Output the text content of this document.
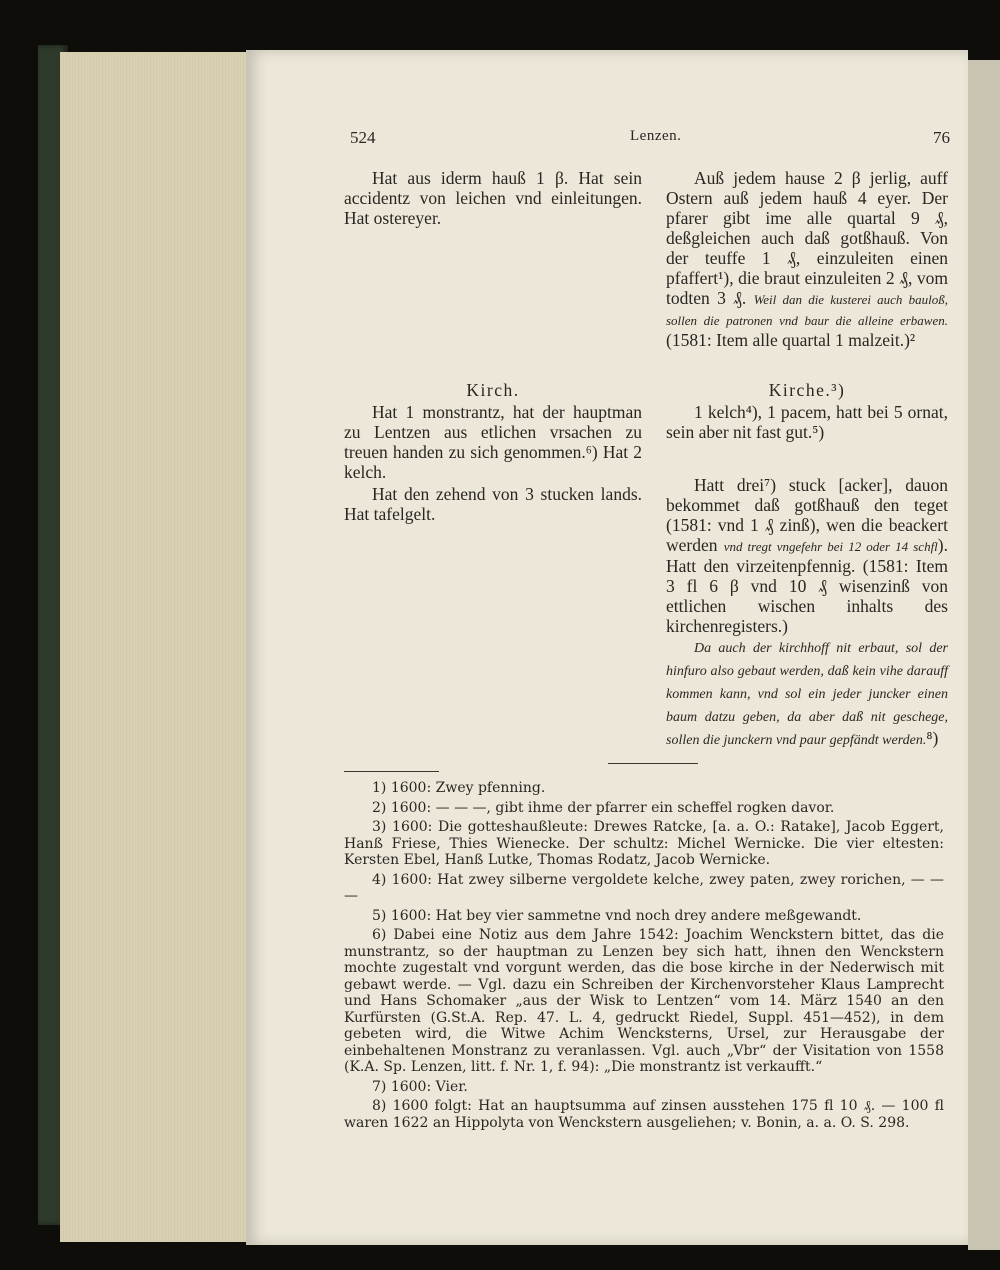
524	Lenzen.	76

Hat aus iderm hauß 1 β. Hat sein accidentz von leichen vnd einleitungen. Hat ostereyer.

Kirch.

Hat 1 monstrantz, hat der hauptman zu Lentzen aus etlichen vrsachen zu treuen handen zu sich genommen.⁶) Hat 2 kelch.

Hat den zehend von 3 stucken lands. Hat tafelgelt.

Auß jedem hause 2 β jerlig, auff Ostern auß jedem hauß 4 eyer. Der pfarer gibt ime alle quartal 9 ₰, deßgleichen auch daß gotßhauß. Von der teuffe 1 ₰, einzuleiten einen pfaffert¹), die braut einzuleiten 2 ₰, vom todten 3 ₰. Weil dan die kusterei auch bauloß, sollen die patronen vnd baur die alleine erbawen. (1581: Item alle quartal 1 malzeit.)²

Kirche.³)

1 kelch⁴), 1 pacem, hatt bei 5 ornat, sein aber nit fast gut.⁵)

Hatt drei⁷) stuck [acker], dauon bekommet daß gotßhauß den teget (1581: vnd 1 ₰ zinß), wen die beackert werden vnd tregt vngefehr bei 12 oder 14 schfl). Hatt den virzeitenpfennig. (1581: Item 3 fl 6 β vnd 10 ₰ wisenzinß von ettlichen wischen inhalts des kirchenregisters.)

Da auch der kirchhoff nit erbaut, sol der hinfuro also gebaut werden, daß kein vihe darauff kommen kann, vnd sol ein jeder juncker einen baum datzu geben, da aber daß nit geschege, sollen die junckern vnd paur gepfändt werden.⁸)

1) 1600: Zwey pfenning.

2) 1600: — — —, gibt ihme der pfarrer ein scheffel rogken davor.

3) 1600: Die gotteshaußleute: Drewes Ratcke, [a. a. O.: Ratake], Jacob Eggert, Hanß Friese, Thies Wienecke. Der schultz: Michel Wernicke. Die vier eltesten: Kersten Ebel, Hanß Lutke, Thomas Rodatz, Jacob Wernicke.

4) 1600: Hat zwey silberne vergoldete kelche, zwey paten, zwey rorichen, — — —

5) 1600: Hat bey vier sammetne vnd noch drey andere meßgewandt.

6) Dabei eine Notiz aus dem Jahre 1542: Joachim Wenckstern bittet, das die munstrantz, so der hauptman zu Lenzen bey sich hatt, ihnen den Wenckstern mochte zugestalt vnd vorgunt werden, das die bose kirche in der Nederwisch mit gebawt werde. — Vgl. dazu ein Schreiben der Kirchenvorsteher Klaus Lamprecht und Hans Schomaker „aus der Wisk to Lentzen“ vom 14. März 1540 an den Kurfürsten (G.St.A. Rep. 47. L. 4, gedruckt Riedel, Suppl. 451—452), in dem gebeten wird, die Witwe Achim Wencksterns, Ursel, zur Herausgabe der einbehaltenen Monstranz zu veranlassen. Vgl. auch „Vbr“ der Visitation von 1558 (K.A. Sp. Lenzen, litt. f. Nr. 1, f. 94): „Die monstrantz ist verkaufft.“

7) 1600: Vier.

8) 1600 folgt: Hat an hauptsumma auf zinsen ausstehen 175 fl 10 ₰. — 100 fl waren 1622 an Hippolyta von Wenckstern ausgeliehen; v. Bonin, a. a. O. S. 298.
